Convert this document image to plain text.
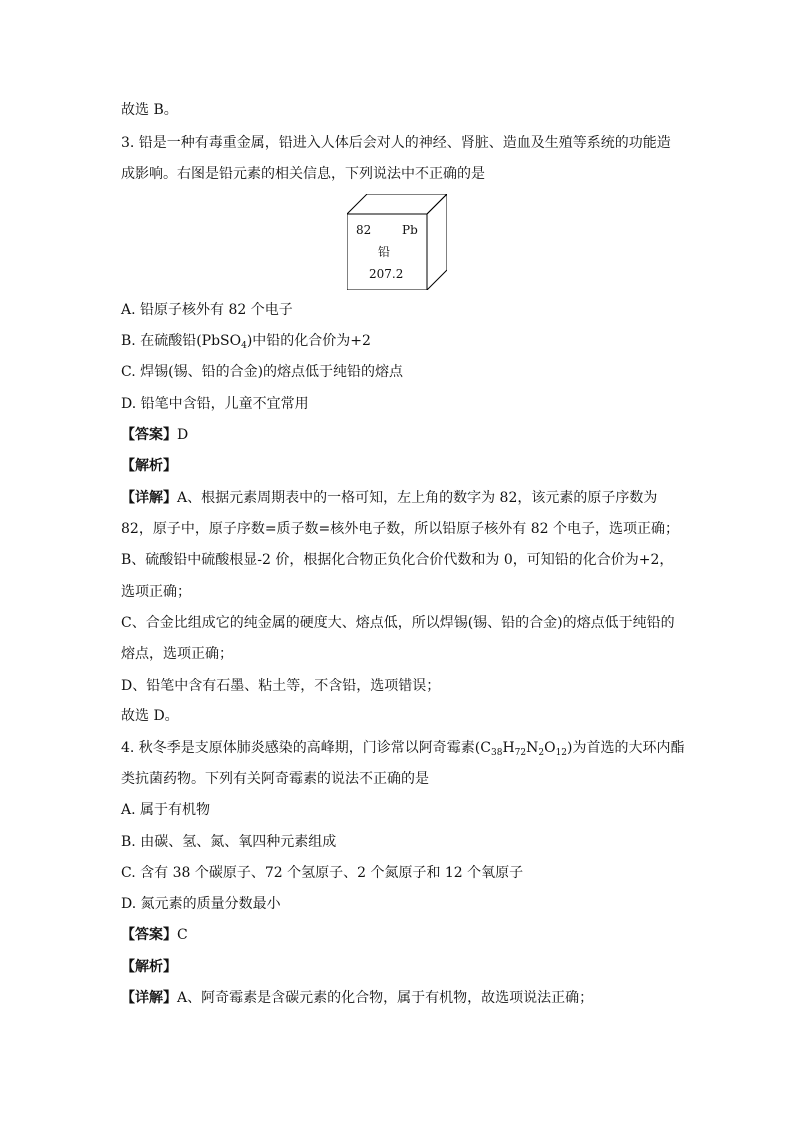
故选 B。
3. 铅是一种有毒重金属，铅进入人体后会对人的神经、肾脏、造血及生殖等系统的功能造
成影响。右图是铅元素的相关信息，下列说法中不正确的是
82	Pb
铅
207.2
A. 铅原子核外有 82 个电子
B. 在硫酸铅(PbSO$_4$)中铅的化合价为+2
C. 焊锡(锡、铅的合金)的熔点低于纯铅的熔点
D. 铅笔中含铅，儿童不宜常用
【答案】D
【解析】
【详解】A、根据元素周期表中的一格可知，左上角的数字为 82，该元素的原子序数为
82，原子中，原子序数=质子数=核外电子数，所以铅原子核外有 82 个电子，选项正确；
B、硫酸铅中硫酸根显-2 价，根据化合物正负化合价代数和为 0，可知铅的化合价为+2，
选项正确；
C、合金比组成它的纯金属的硬度大、熔点低，所以焊锡(锡、铅的合金)的熔点低于纯铅的
熔点，选项正确；
D、铅笔中含有石墨、粘土等，不含铅，选项错误；
故选 D。
4. 秋冬季是支原体肺炎感染的高峰期，门诊常以阿奇霉素$(C_{38}H_{72}N_2O_{12})$为首选的大环内酯
类抗菌药物。下列有关阿奇霉素的说法不正确的是
A. 属于有机物
B. 由碳、氢、氮、氧四种元素组成
C. 含有 38 个碳原子、72 个氢原子、2 个氮原子和 12 个氧原子
D. 氮元素的质量分数最小
【答案】C
【解析】
【详解】A、阿奇霉素是含碳元素的化合物，属于有机物，故选项说法正确；
